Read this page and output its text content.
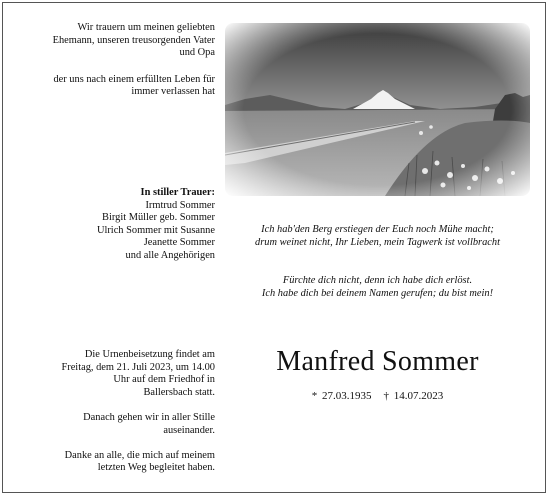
Wir trauern um meinen geliebten
Ehemann, unseren treusorgenden Vater
und Opa
der uns nach einem erfüllten Leben für
immer verlassen hat
In stiller Trauer:
Irmtrud Sommer
Birgit Müller geb. Sommer
Ulrich Sommer mit Susanne
Jeanette Sommer
und alle Angehörigen

Die Urnenbeisetzung findet am
Freitag, dem 21. Juli 2023, um 14.00
Uhr auf dem Friedhof in
Ballersbach statt.

Danach gehen wir in aller Stille
auseinander.

Danke an alle, die mich auf meinem
letzten Weg begleitet haben.

Ich hab'den Berg erstiegen der Euch noch Mühe macht;
drum weinet nicht, Ihr Lieben, mein Tagwerk ist vollbracht
Fürchte dich nicht, denn ich habe dich erlöst.
Ich habe dich bei deinem Namen gerufen; du bist mein!
Manfred Sommer
* 27.03.1935 † 14.07.2023
